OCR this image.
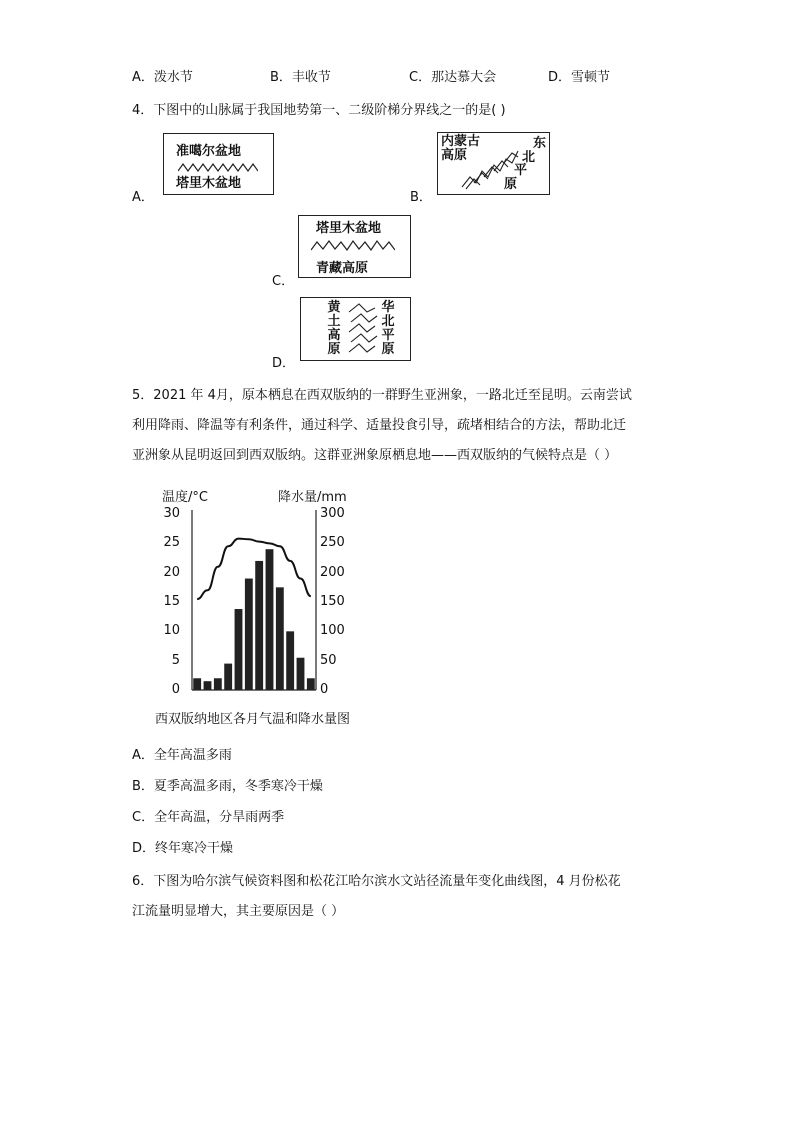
A．泼水节	B．丰收节	C．那达慕大会	D．雪顿节
4．下图中的山脉属于我国地势第一、二级阶梯分界线之一的是( )
A．
准噶尔盆地
塔里木盆地
B．
内蒙古
高原
东
北
平
原
C．
塔里木盆地
青藏高原
D．
黄土高原
华北平原
5．2021 年 4月，原本栖息在西双版纳的一群野生亚洲象，一路北迁至昆明。云南尝试
利用降雨、降温等有利条件，通过科学、适量投食引导，疏堵相结合的方法，帮助北迁
亚洲象从昆明返回到西双版纳。这群亚洲象原栖息地——西双版纳的气候特点是（ ）
温度/°C	降水量/mm
30
25
20
15
10
5
0
300
250
200
150
100
50
0
西双版纳地区各月气温和降水量图
A．全年高温多雨
B．夏季高温多雨，冬季寒冷干燥
C．全年高温，分旱雨两季
D．终年寒冷干燥
6．下图为哈尔滨气候资料图和松花江哈尔滨水文站径流量年变化曲线图，4 月份松花
江流量明显增大，其主要原因是（ ）
